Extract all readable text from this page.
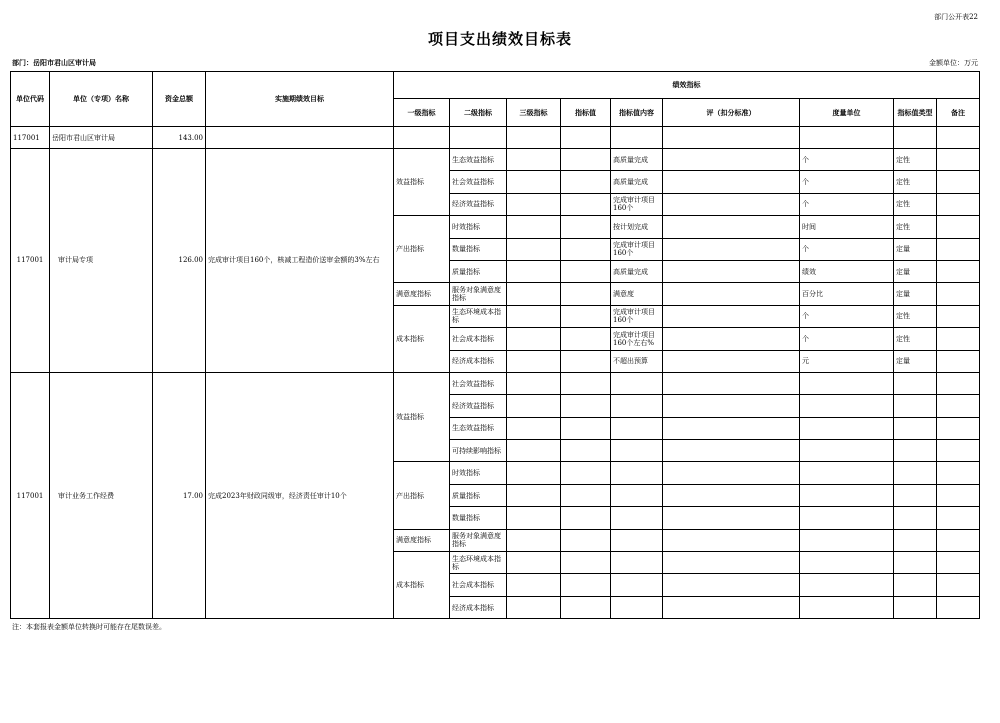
部门公开表22
项目支出绩效目标表
部门：岳阳市君山区审计局	金额单位：万元
单位代码	单位（专项）名称	资金总额	实施期绩效目标	绩效指标								
				一级指标	二级指标	三级指标	指标值	指标值内容	评（扣分标准）	度量单位	指标值类型	备注
117001	岳阳市君山区审计局	143.00										
117001	审计局专项	126.00	完成审计项目160个，核减工程造价送审金额的3%左右	效益指标	生态效益指标			高质量完成		个	定性	
					社会效益指标			高质量完成		个	定性	
					经济效益指标			完成审计项目160个		个	定性	
				产出指标	时效指标			按计划完成		时间	定性	
					数量指标			完成审计项目160个		个	定量	
					质量指标			高质量完成		绩效	定量	
				满意度指标	服务对象满意度指标			满意度		百分比	定量	
				成本指标	生态环境成本指标			完成审计项目160个		个	定性	
					社会成本指标			完成审计项目160个左右%		个	定性	
					经济成本指标			不超出预算		元	定量	
117001	审计业务工作经费	17.00	完成2023年财政同级审，经济责任审计10个	效益指标	社会效益指标							
					经济效益指标							
					生态效益指标							
					可持续影响指标							
				产出指标	时效指标							
					质量指标							
					数量指标							
				满意度指标	服务对象满意度指标							
				成本指标	生态环境成本指标							
					社会成本指标							
					经济成本指标							
注：本套报表金额单位转换时可能存在尾数误差。
